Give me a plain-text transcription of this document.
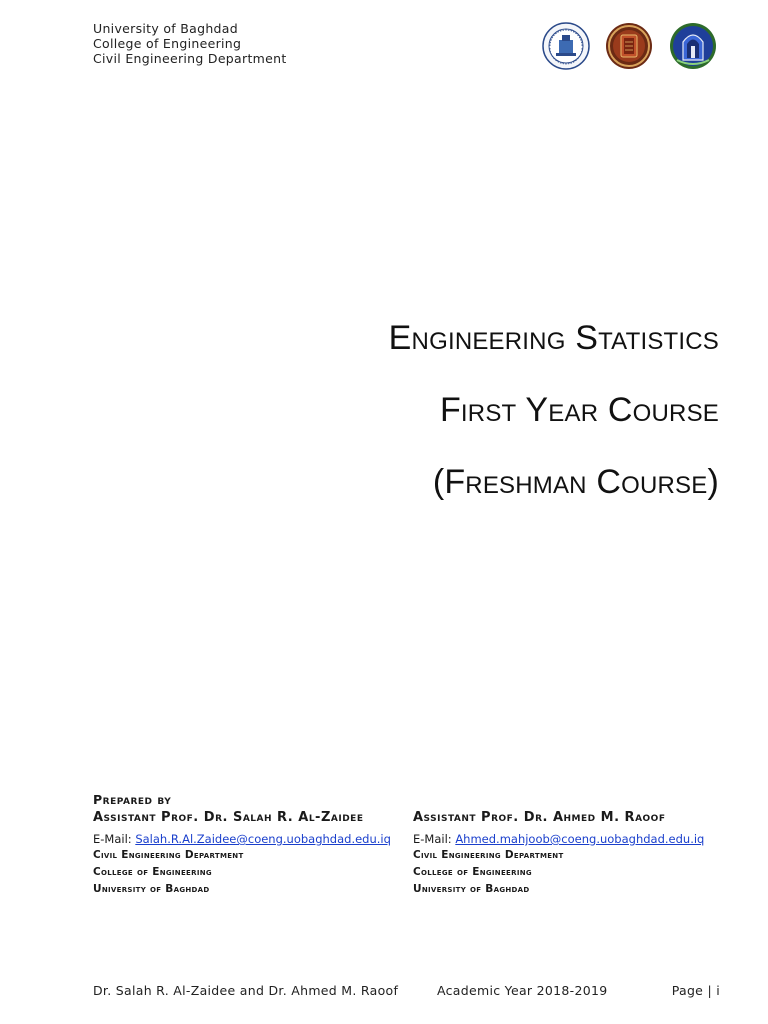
University of Baghdad
College of Engineering
Civil Engineering Department
Engineering Statistics
First Year Course
(Freshman Course)
Prepared by
Assistant Prof. Dr. Salah R. Al-Zaidee
E-Mail: Salah.R.Al.Zaidee@coeng.uobaghdad.edu.iq
Civil Engineering Department
College of Engineering
University of Baghdad
Assistant Prof. Dr. Ahmed M. Raoof
E-Mail: Ahmed.mahjoob@coeng.uobaghdad.edu.iq
Civil Engineering Department
College of Engineering
University of Baghdad
Dr. Salah R. Al-Zaidee and Dr. Ahmed M. Raoof	Academic Year 2018-2019	Page | i
